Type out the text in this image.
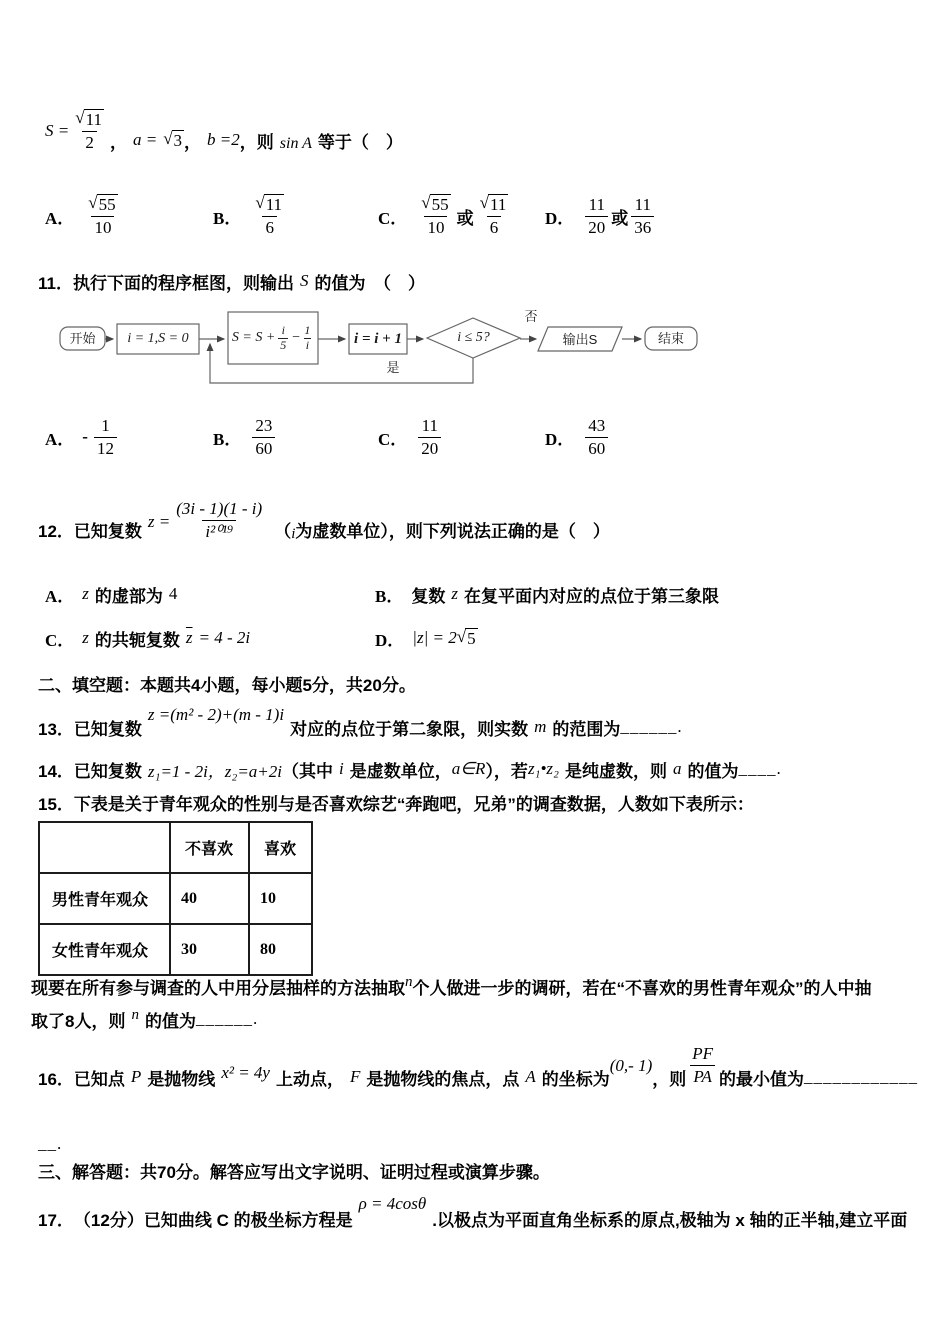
$S = \frac{√ 11}{2}$ ， a = √ 3 ， b =2 ， 则 sin A 等于（　）
A． $\frac{√ 55}{10}$	B． $\frac{√ 11}{6}$	C． $\frac{√ 55}{10}$ 或 $\frac{√ 11}{6}$ D． $\frac{11}{20}$ 或 $\frac{11}{36}$
11． 执行下面的程序框图，则输出 S 的值为　（　）
开始 i = 1,S = 0	$S = S + \frac{i}{5} - \frac{1}{i}$	i = i + 1	i ≤ 5?
否
输出S	结束
是
A． - $\frac{1}{12}$	B． $\frac{23}{60}$	C． $\frac{11}{20}$	D． $\frac{43}{60}$
12． 已知复数 $z = \frac{(3i - 1)(1 - i)}{\text{i²⁰¹⁹}}$ （ i 为虚数单位），则下列说法正确的是（　）
A． z 的虚部为 4	B． 复数 z 在复平面内对应的点位于第三象限
C． z 的共轭复数 $\overline{z} = 4 - 2i$	D． |z| = 2 √ 5
二、填空题：本题共4小题，每小题5分，共20分。
13． 已知复数
z =(m² - 2)+(m - 1)i
对应的点位于第二象限，则实数 m 的范围为 ______.
14． 已知复数 z₁=1 - 2i，z₂=a+2i （其中 i 是虚数单位， a∈R ），若 z₁•z₂ 是纯虚数，则 a 的值为 ____.
15． 下表是关于青年观众的性别与是否喜欢综艺“奔跑吧，兄弟”的调查数据，人数如下表所示：
	不喜欢	喜欢
男性青年观众	40	10
女性青年观众	30	80
现要在所有参与调查的人中用分层抽样的方法抽取 n 个人做进一步的调研，若在“不喜欢的男性青年观众”的人中抽
取了8人，则 n 的值为 ______.
16． 已知点 P 是抛物线 x² = 4y 上动点， F 是抛物线的焦点，点 A 的坐标为
(0,- 1)
，则 $\frac{PF}{PA}$ 的最小值为 ____________
__.
三、解答题：共70分。解答应写出文字说明、证明过程或演算步骤。
17． （12分） 已知曲线 C 的极坐标方程是
ρ = 4cosθ
.以极点为平面直角坐标系的原点,极轴为 x 轴的正半轴,建立平面
